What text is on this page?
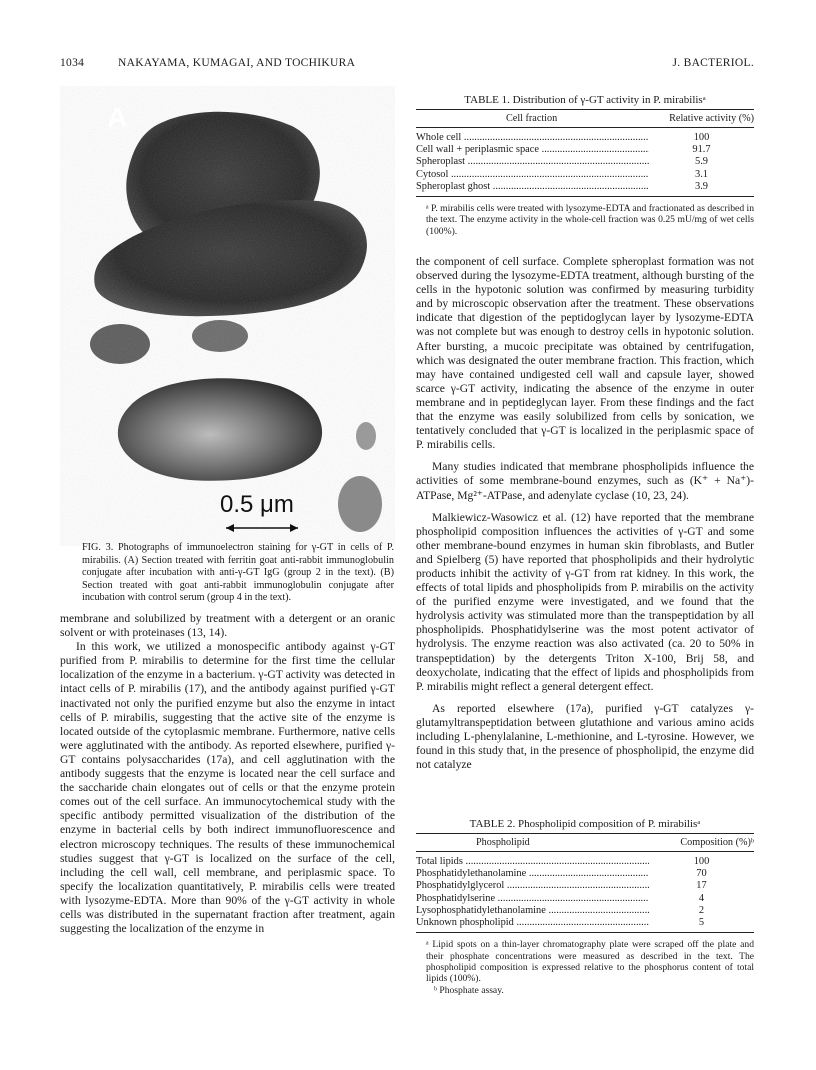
1034	NAKAYAMA, KUMAGAI, AND TOCHIKURA	J. BACTERIOL.
A
0.5 μm
FIG. 3. Photographs of immunoelectron staining for γ-GT in cells of P. mirabilis. (A) Section treated with ferritin goat anti-rabbit immunoglobulin conjugate after incubation with anti-γ-GT IgG (group 2 in the text). (B) Section treated with goat anti-rabbit immunoglobulin conjugate after incubation with control serum (group 4 in the text).

membrane and solubilized by treatment with a detergent or an oranic solvent or with proteinases (13, 14).

In this work, we utilized a monospecific antibody against γ-GT purified from P. mirabilis to determine for the first time the cellular localization of the enzyme in a bacterium. γ-GT activity was detected in intact cells of P. mirabilis (17), and the antibody against purified γ-GT inactivated not only the purified enzyme but also the enzyme in intact cells of P. mirabilis, suggesting that the active site of the enzyme is located outside of the cytoplasmic membrane. Furthermore, native cells were agglutinated with the antibody. As reported elsewhere, purified γ-GT contains polysaccharides (17a), and cell agglutination with the antibody suggests that the enzyme is located near the cell surface and the saccharide chain elongates out of cells or that the enzyme protein comes out of the cell surface. An immunocytochemical study with the specific antibody permitted visualization of the distribution of the enzyme in bacterial cells by both indirect immunofluorescence and electron microscopy techniques. The results of these immunochemical studies suggest that γ-GT is localized on the surface of the cell, including the cell wall, cell membrane, and periplasmic space. To specify the localization quantitatively, P. mirabilis cells were treated with lysozyme-EDTA. More than 90% of the γ-GT activity in whole cells was distributed in the supernatant fraction after treatment, again suggesting the localization of the enzyme in

TABLE 1. Distribution of γ-GT activity in P. mirabilisᵃ
Cell fraction	Relative activity (%)
Whole cell .....	100
Cell wall + periplasmic space .....	91.7
Spheroplast .....	5.9
Cytosol .....	3.1
Spheroplast ghost .....	3.9
ᵃ P. mirabilis cells were treated with lysozyme-EDTA and fractionated as described in the text. The enzyme activity in the whole-cell fraction was 0.25 mU/mg of wet cells (100%).

the component of cell surface. Complete spheroplast formation was not observed during the lysozyme-EDTA treatment, although bursting of the cells in the hypotonic solution was confirmed by measuring turbidity and by microscopic observation after the treatment. These observations indicate that digestion of the peptidoglycan layer by lysozyme-EDTA was not complete but was enough to destroy cells in hypotonic solution. After bursting, a mucoic precipitate was obtained by centrifugation, which was designated the outer membrane fraction. This fraction, which may have contained undigested cell wall and capsule layer, showed scarce γ-GT activity, indicating the absence of the enzyme in outer membrane and in peptideglycan layer. From these findings and the fact that the enzyme was easily solubilized from cells by sonication, we tentatively concluded that γ-GT is localized in the periplasmic space of P. mirabilis cells.

Many studies indicated that membrane phospholipids influence the activities of some membrane-bound enzymes, such as (K⁺ + Na⁺)-ATPase, Mg²⁺-ATPase, and adenylate cyclase (10, 23, 24).

Malkiewicz-Wasowicz et al. (12) have reported that the membrane phospholipid composition influences the activities of γ-GT and some other membrane-bound enzymes in human skin fibroblasts, and Butler and Spielberg (5) have reported that phospholipids and their hydrolytic products inhibit the activity of γ-GT from rat kidney. In this work, the effects of total lipids and phospholipids from P. mirabilis on the activity of the purified enzyme were investigated, and we found that the hydrolysis activity was stimulated more than the transpeptidation by all phospholipids. Phosphatidylserine was the most potent activator of hydrolysis. The enzyme reaction was also activated (ca. 20 to 50% in transpeptidation) by the detergents Triton X-100, Brij 58, and deoxycholate, indicating that the effect of lipids and phospholipids from P. mirabilis might reflect a general detergent effect.

As reported elsewhere (17a), purified γ-GT catalyzes γ-glutamyltranspeptidation between glutathione and various amino acids including L-phenylalanine, L-methionine, and L-tyrosine. However, we found in this study that, in the presence of phospholipid, the enzyme did not catalyze

TABLE 2. Phospholipid composition of P. mirabilisᵃ
Phospholipid	Composition (%)ᵇ
Total lipids .....	100
Phosphatidylethanolamine .....	70
Phosphatidylglycerol .....	17
Phosphatidylserine .....	4
Lysophosphatidylethanolamine .....	2
Unknown phospholipid .....	5
ᵃ Lipid spots on a thin-layer chromatography plate were scraped off the plate and their phosphate concentrations were measured as described in the text. The phospholipid composition is expressed relative to the phosphorus content of total lipids (100%).
ᵇ Phosphate assay.
